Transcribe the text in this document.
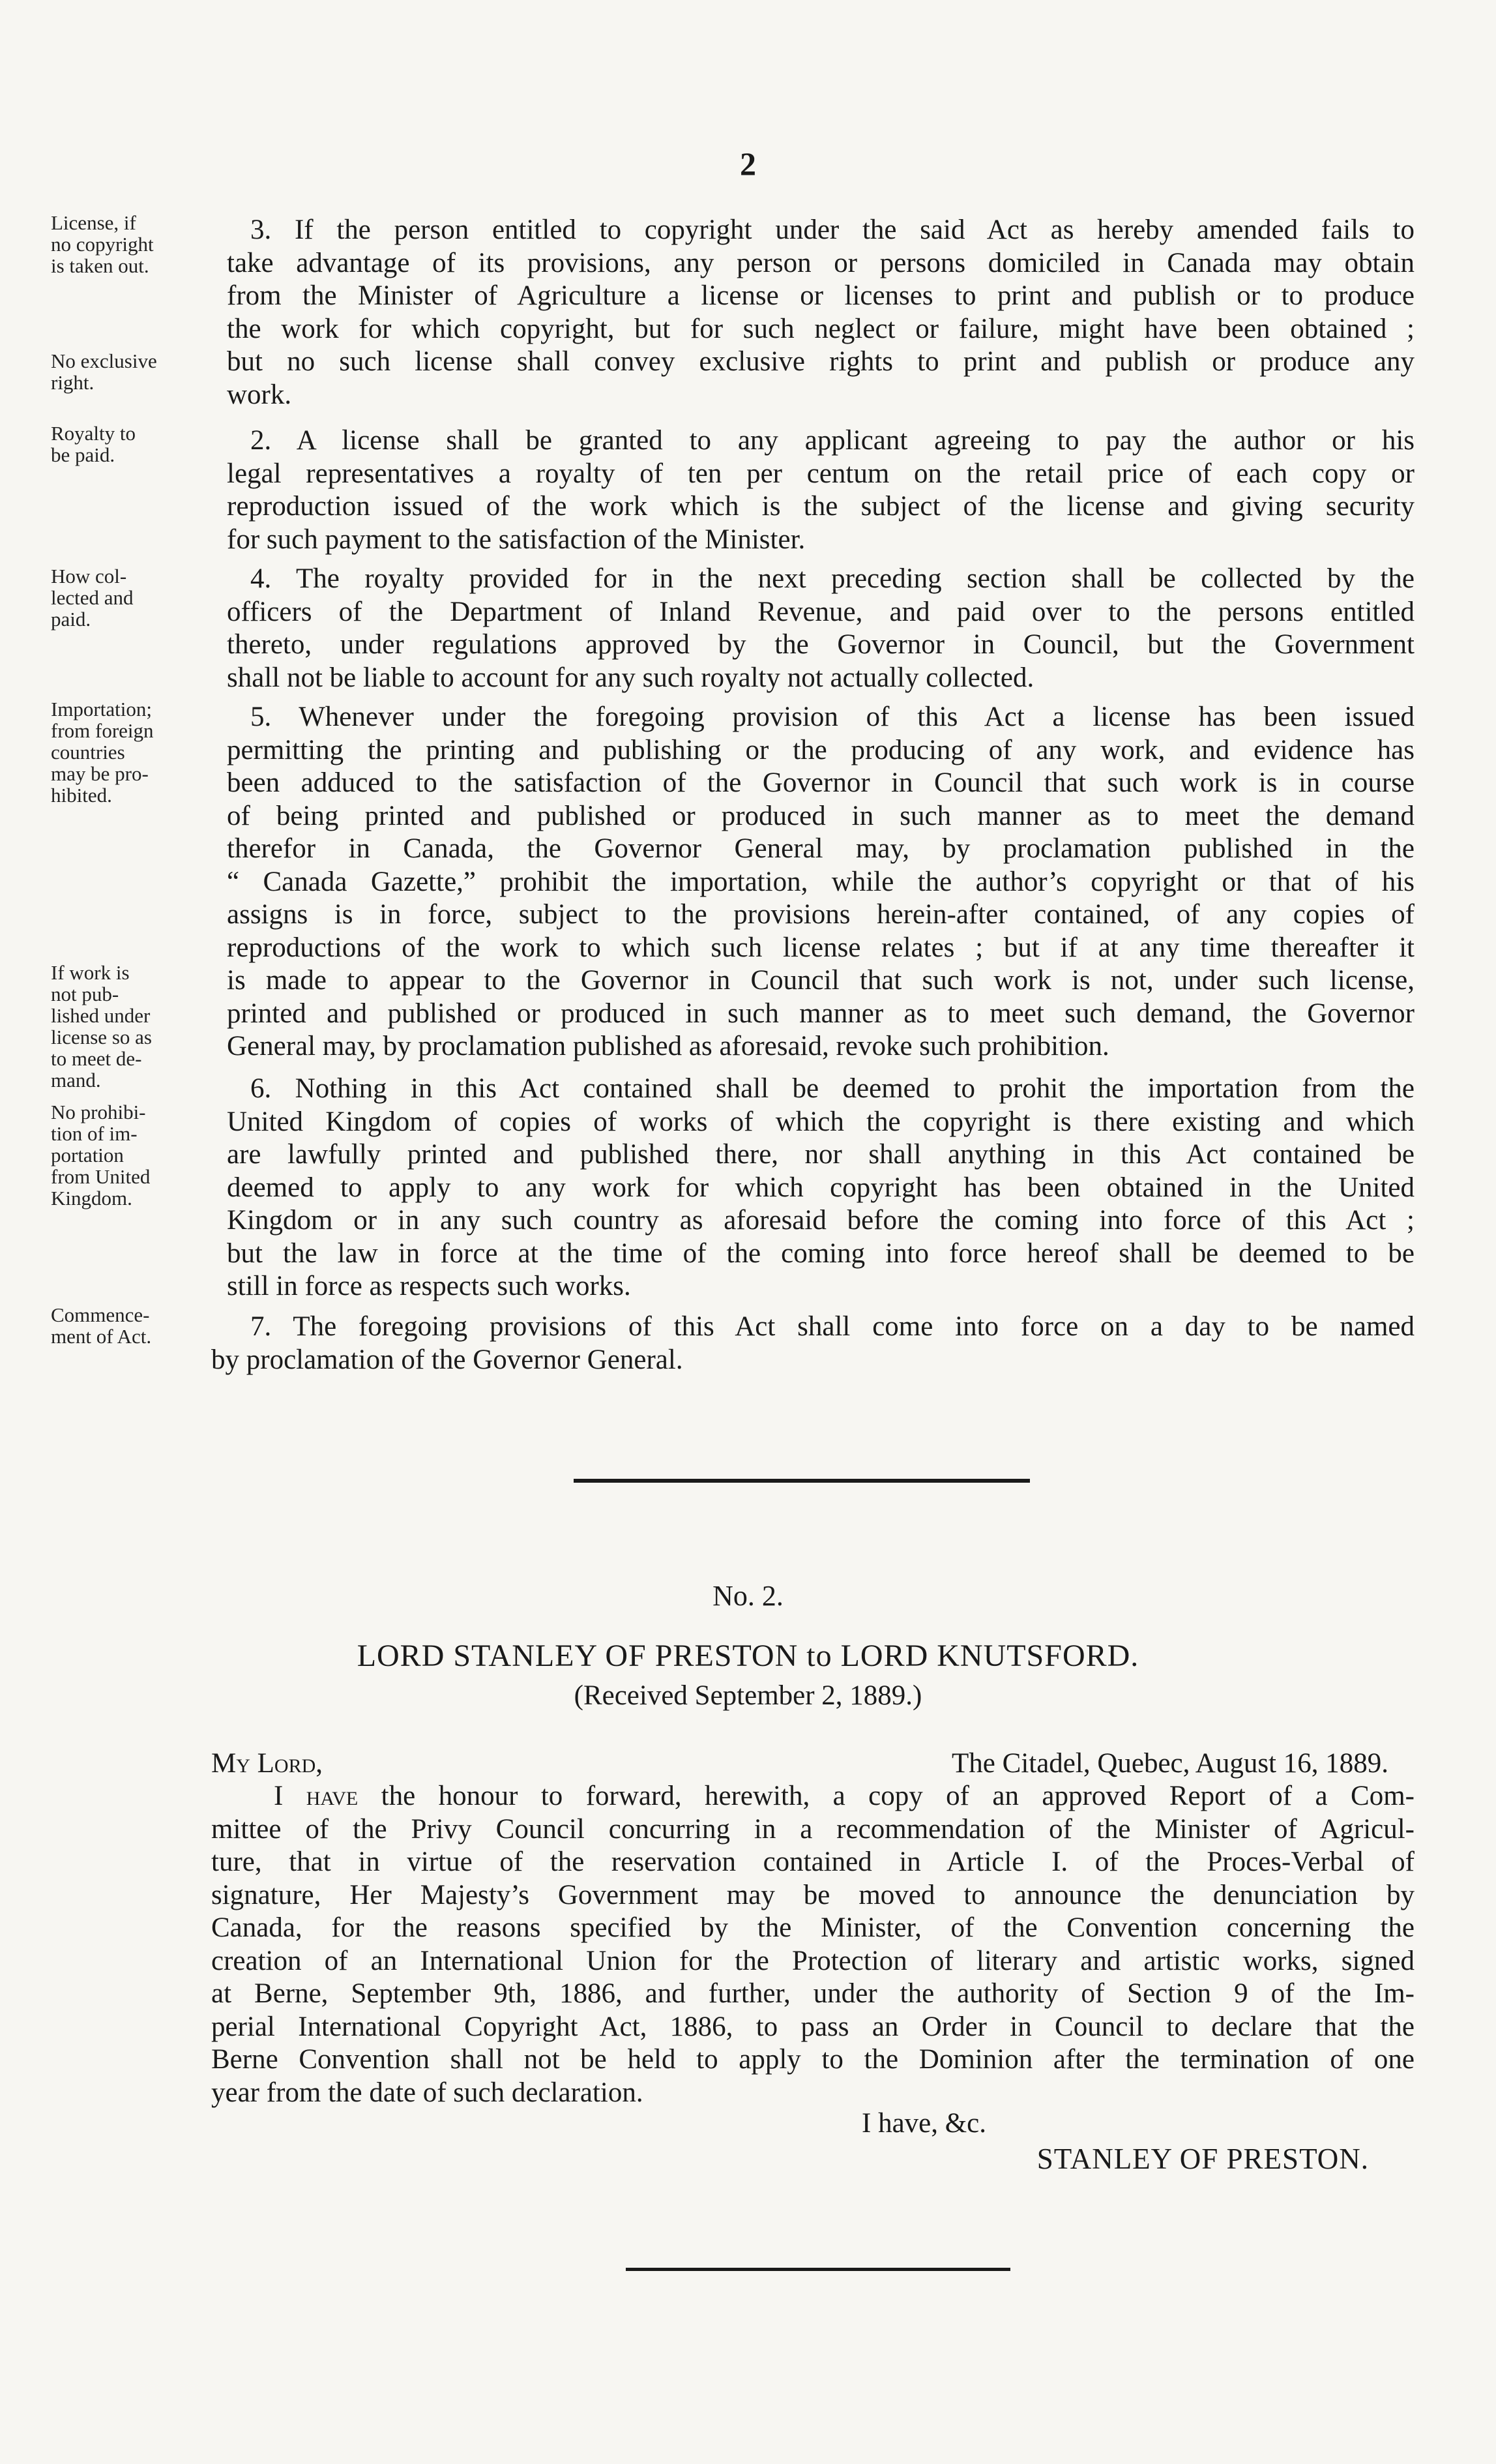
2
License, if
no copyright
is taken out.
No exclusive
right.
Royalty to
be paid.
How col-
lected and
paid.
Importation;
from foreign
countries
may be pro-
hibited.
If work is
not pub-
lished under
license so as
to meet de-
mand.
No prohibi-
tion of im-
portation
from United
Kingdom.
Commence-
ment of Act.
3. If the person entitled to copyright under the said Act as hereby amended fails to
take advantage of its provisions, any person or persons domiciled in Canada may obtain
from the Minister of Agriculture a license or licenses to print and publish or to produce
the work for which copyright, but for such neglect or failure, might have been obtained ;
but no such license shall convey exclusive rights to print and publish or produce any
work.
2. A license shall be granted to any applicant agreeing to pay the author or his
legal representatives a royalty of ten per centum on the retail price of each copy or
reproduction issued of the work which is the subject of the license and giving security
for such payment to the satisfaction of the Minister.
4. The royalty provided for in the next preceding section shall be collected by the
officers of the Department of Inland Revenue, and paid over to the persons entitled
thereto, under regulations approved by the Governor in Council, but the Government
shall not be liable to account for any such royalty not actually collected.
5. Whenever under the foregoing provision of this Act a license has been issued
permitting the printing and publishing or the producing of any work, and evidence has
been adduced to the satisfaction of the Governor in Council that such work is in course
of being printed and published or produced in such manner as to meet the demand
therefor in Canada, the Governor General may, by proclamation published in the
“ Canada Gazette,” prohibit the importation, while the author’s copyright or that of his
assigns is in force, subject to the provisions herein-after contained, of any copies of
reproductions of the work to which such license relates ; but if at any time thereafter it
is made to appear to the Governor in Council that such work is not, under such license,
printed and published or produced in such manner as to meet such demand, the Governor
General may, by proclamation published as aforesaid, revoke such prohibition.
6. Nothing in this Act contained shall be deemed to prohit the importation from the
United Kingdom of copies of works of which the copyright is there existing and which
are lawfully printed and published there, nor shall anything in this Act contained be
deemed to apply to any work for which copyright has been obtained in the United
Kingdom or in any such country as aforesaid before the coming into force of this Act ;
but the law in force at the time of the coming into force hereof shall be deemed to be
still in force as respects such works.
7. The foregoing provisions of this Act shall come into force on a day to be named
by proclamation of the Governor General.
No. 2.
LORD STANLEY OF PRESTON to LORD KNUTSFORD.
(Received September 2, 1889.)
My Lord,	The Citadel, Quebec, August 16, 1889.
I have the honour to forward, herewith, a copy of an approved Report of a Com-
mittee of the Privy Council concurring in a recommendation of the Minister of Agricul-
ture, that in virtue of the reservation contained in Article I. of the Proces-Verbal of
signature, Her Majesty’s Government may be moved to announce the denunciation by
Canada, for the reasons specified by the Minister, of the Convention concerning the
creation of an International Union for the Protection of literary and artistic works, signed
at Berne, September 9th, 1886, and further, under the authority of Section 9 of the Im-
perial International Copyright Act, 1886, to pass an Order in Council to declare that the
Berne Convention shall not be held to apply to the Dominion after the termination of one
year from the date of such declaration.
I have, &c.
STANLEY OF PRESTON.
